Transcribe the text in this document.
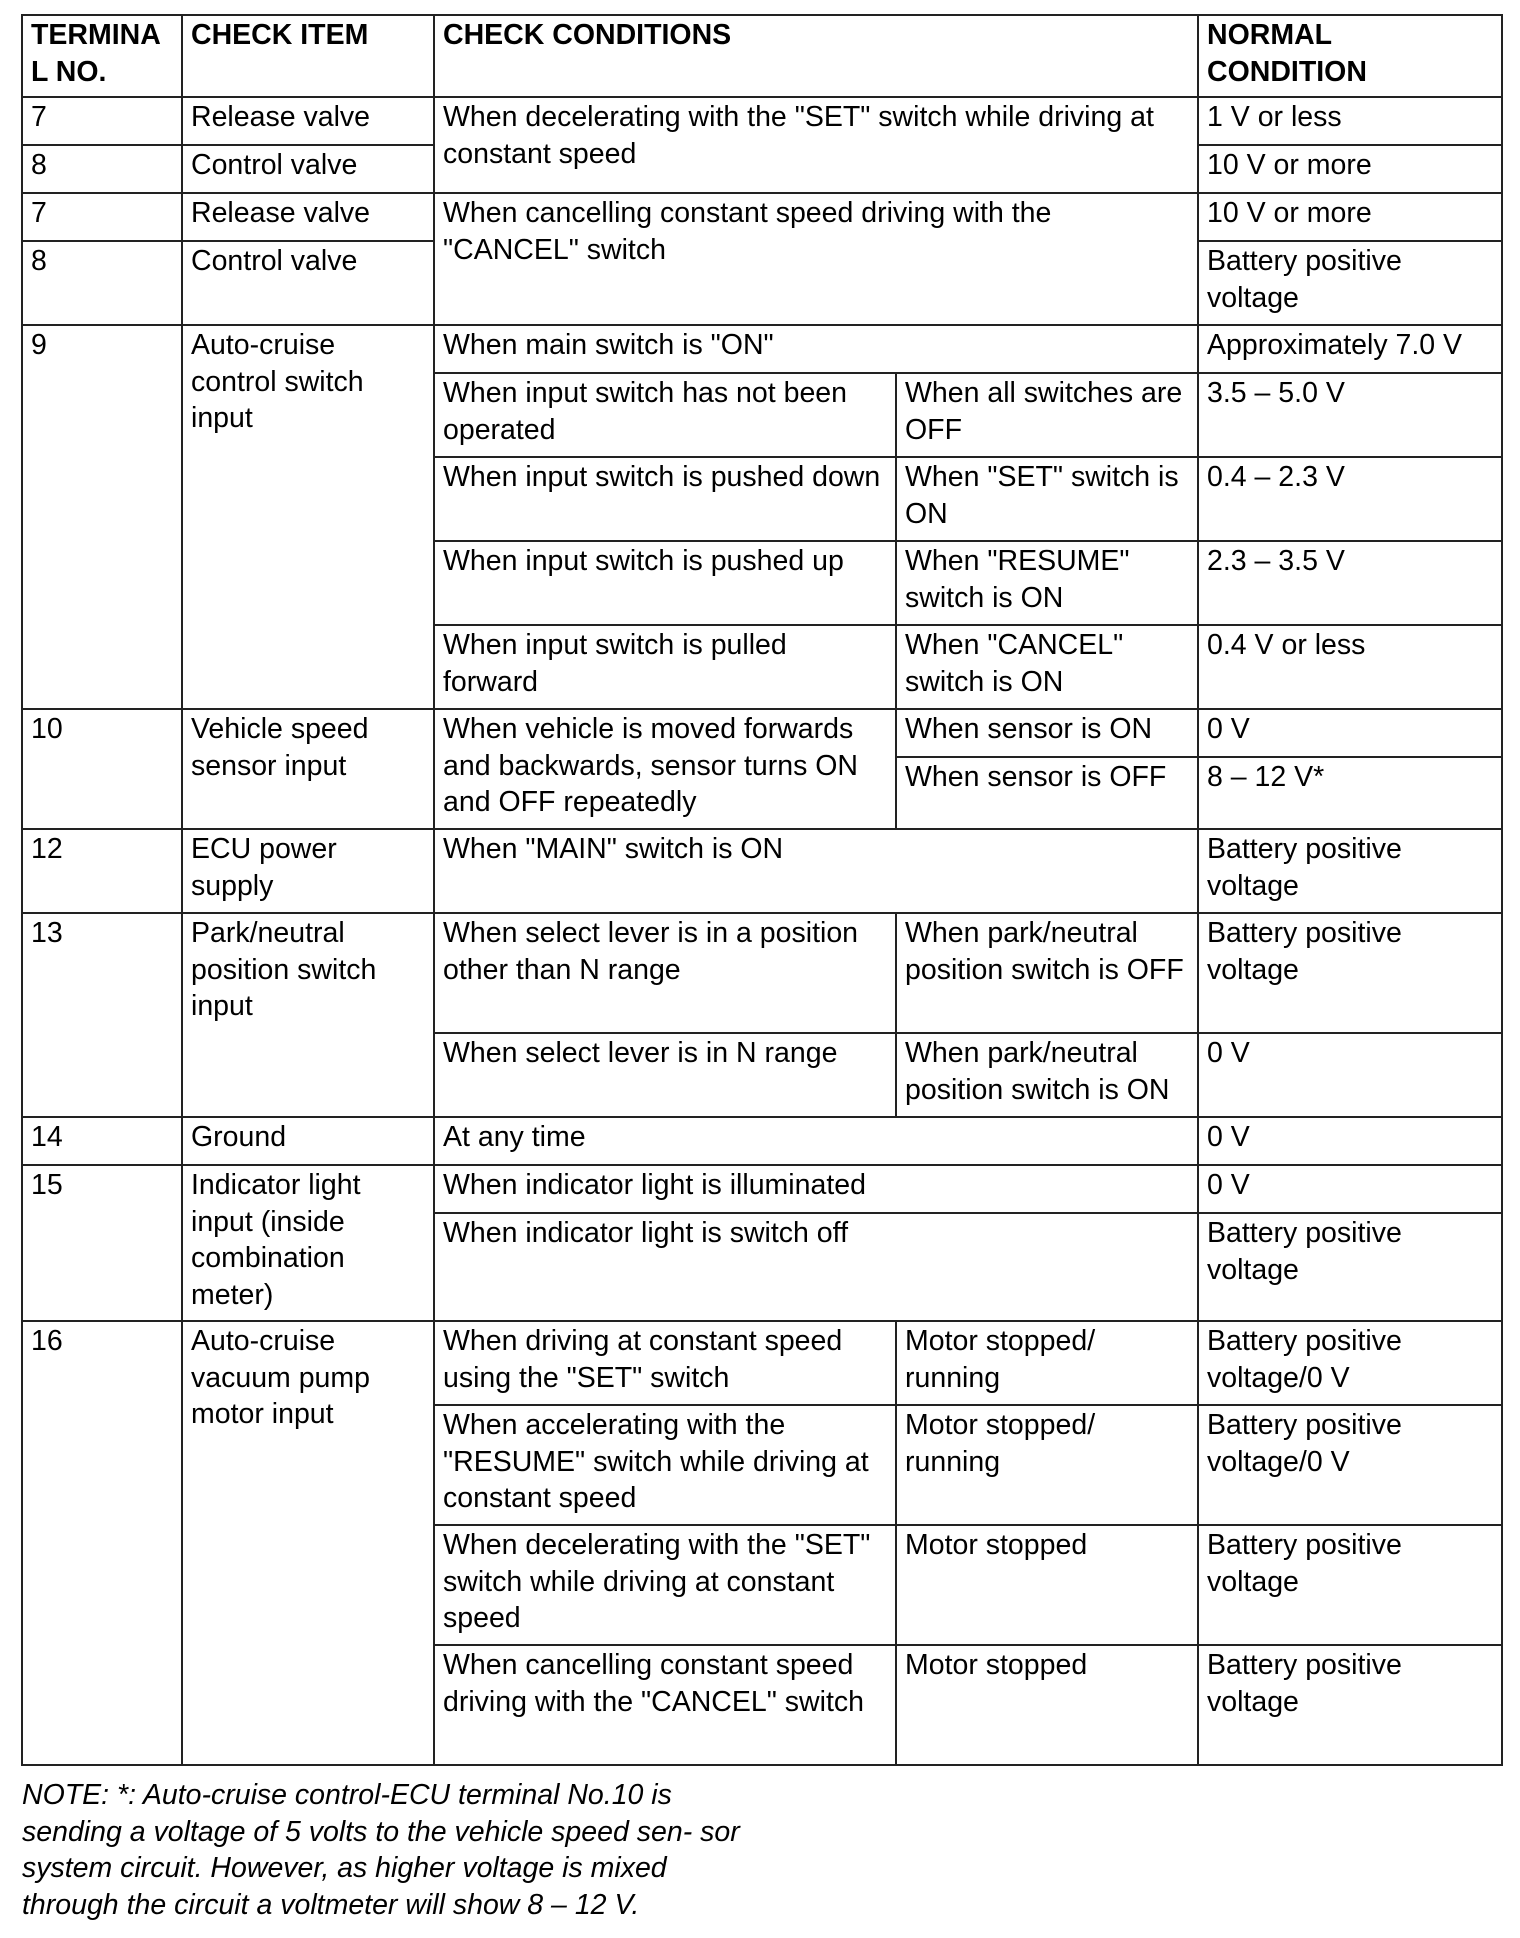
TERMINA L NO.	CHECK ITEM	CHECK CONDITIONS		NORMAL CONDITION
7	Release valve	When decelerating with the "SET" switch while driving at constant speed		1 V or less
8	Control valve			10 V or more
7	Release valve	When cancelling constant speed driving with the "CANCEL" switch		10 V or more
8	Control valve			Battery positive voltage
9	Auto-cruise control switch input	When main switch is "ON"		Approximately 7.0 V
		When input switch has not been operated	When all switches are OFF	3.5 – 5.0 V
		When input switch is pushed down	When "SET" switch is ON	0.4 – 2.3 V
		When input switch is pushed up	When "RESUME" switch is ON	2.3 – 3.5 V
		When input switch is pulled forward	When "CANCEL" switch is ON	0.4 V or less
10	Vehicle speed sensor input	When vehicle is moved forwards and backwards, sensor turns ON and OFF repeatedly	When sensor is ON	0 V
			When sensor is OFF	8 – 12 V*
12	ECU power supply	When "MAIN" switch is ON		Battery positive voltage
13	Park/neutral position switch input	When select lever is in a position other than N range	When park/neutral position switch is OFF	Battery positive voltage
		When select lever is in N range	When park/neutral position switch is ON	0 V
14	Ground	At any time		0 V
15	Indicator light input (inside combination meter)	When indicator light is illuminated		0 V
		When indicator light is switch off		Battery positive voltage
16	Auto-cruise vacuum pump motor input	When driving at constant speed using the "SET" switch	Motor stopped/ running	Battery positive voltage/0 V
		When accelerating with the "RESUME" switch while driving at constant speed	Motor stopped/ running	Battery positive voltage/0 V
		When decelerating with the "SET" switch while driving at constant speed	Motor stopped	Battery positive voltage
		When cancelling constant speed driving with the "CANCEL" switch	Motor stopped	Battery positive voltage
NOTE: *: Auto-cruise control-ECU terminal No.10 is sending a voltage of 5 volts to the vehicle speed sen- sor system circuit. However, as higher voltage is mixed through the circuit a voltmeter will show 8 – 12 V.
